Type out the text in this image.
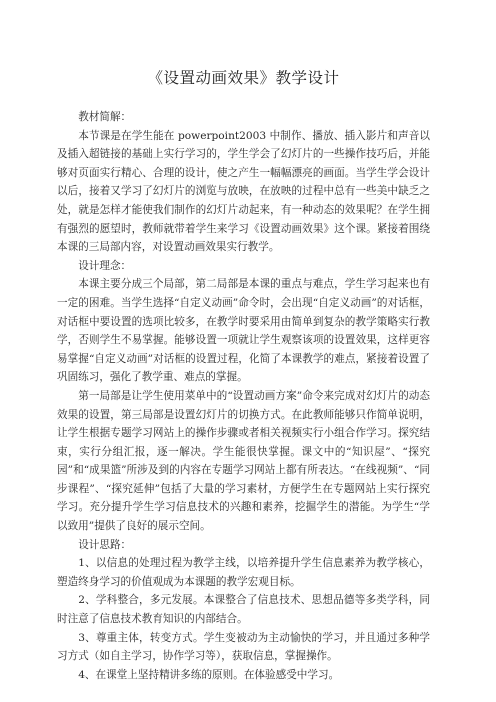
《设置动画效果》教学设计

教材简解：

本节课是在学生能在 powerpoint2003 中制作、播放、插入影片和声音以及插入超链接的基础上实行学习的，学生学会了幻灯片的一些操作技巧后，并能够对页面实行精心、合理的设计，使之产生一幅幅漂亮的画面。当学生学会设计以后，接着又学习了幻灯片的浏览与放映，在放映的过程中总有一些美中缺乏之处，就是怎样才能使我们制作的幻灯片动起来，有一种动态的效果呢？在学生拥有强烈的愿望时，教师就带着学生来学习《设置动画效果》这个课。紧接着围绕本课的三局部内容，对设置动画效果实行教学。

设计理念：

本课主要分成三个局部，第二局部是本课的重点与难点，学生学习起来也有一定的困难。当学生选择“自定义动画”命令时，会出现“自定义动画”的对话框，对话框中要设置的选项比较多，在教学时要采用由简单到复杂的教学策略实行教学，否则学生不易掌握。能够设置一项就让学生观察该项的设置效果，这样更容易掌握“自定义动画”对话框的设置过程，化简了本课教学的难点，紧接着设置了巩固练习，强化了教学重、难点的掌握。

第一局部是让学生使用菜单中的“设置动画方案”命令来完成对幻灯片的动态效果的设置，第三局部是设置幻灯片的切换方式。在此教师能够只作简单说明，让学生根据专题学习网站上的操作步骤或者相关视频实行小组合作学习。探究结束，实行分组汇报，逐一解决。学生能很快掌握。课文中的“知识屋”、“探究园”和“成果篮”所涉及到的内容在专题学习网站上都有所表达。“在线视频”、“同步课程”、“探究延伸”包括了大量的学习素材，方便学生在专题网站上实行探究学习。充分提升学生学习信息技术的兴趣和素养，挖掘学生的潜能。为学生“学以致用”提供了良好的展示空间。

设计思路：

1、以信息的处理过程为教学主线，以培养提升学生信息素养为教学核心，塑造终身学习的价值观成为本课题的教学宏观目标。

2、学科整合，多元发展。本课整合了信息技术、思想品德等多类学科，同时注意了信息技术教育知识的内部结合。

3、尊重主体，转变方式。学生变被动为主动愉快的学习，并且通过多种学习方式（如自主学习，协作学习等），获取信息，掌握操作。

4、在课堂上坚持精讲多练的原则。在体验感受中学习。
